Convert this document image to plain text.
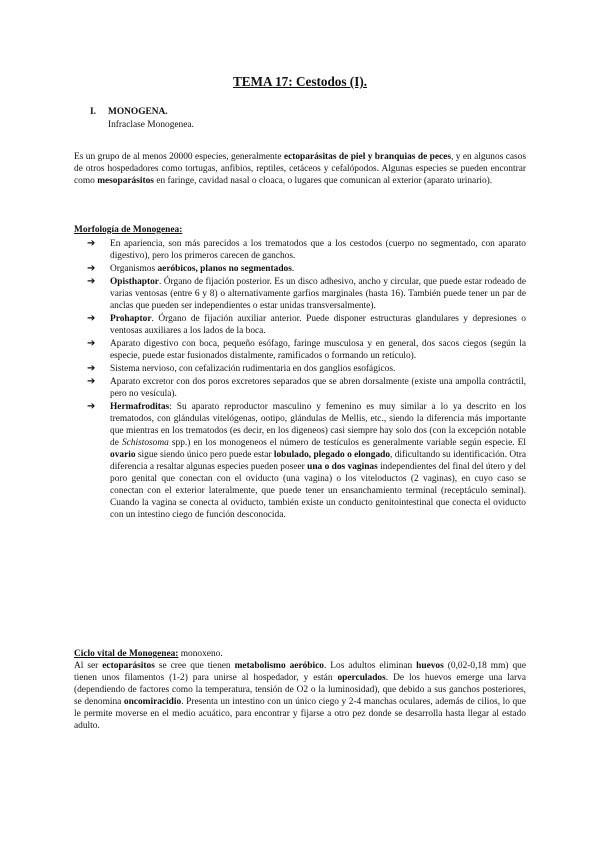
TEMA 17: Cestodos (I).
I. MONOGENA.
Infraclase Monogenea.
Es un grupo de al menos 20000 especies, generalmente ectoparásitas de piel y branquias de peces, y en algunos casos de otros hospedadores como tortugas, anfibios, reptiles, cetáceos y cefalópodos. Algunas especies se pueden encontrar como mesoparásitos en faringe, cavidad nasal o cloaca, o lugares que comunican al exterior (aparato urinario).
Morfología de Monogenea:
➔ En apariencia, son más parecidos a los trematodos que a los cestodos (cuerpo no segmentado, con aparato digestivo), pero los primeros carecen de ganchos.
➔ Organismos aeróbicos, planos no segmentados.
➔ Opisthaptor. Órgano de fijación posterior. Es un disco adhesivo, ancho y circular, que puede estar rodeado de varias ventosas (entre 6 y 8) o alternativamente garfios marginales (hasta 16). También puede tener un par de anclas que pueden ser independientes o estar unidas transversalmente).
➔ Prohaptor. Órgano de fijación auxiliar anterior. Puede disponer estructuras glandulares y depresiones o ventosas auxiliares a los lados de la boca.
➔ Aparato digestivo con boca, pequeño esófago, faringe musculosa y en general, dos sacos ciegos (según la especie, puede estar fusionados distalmente, ramificados o formando un retículo).
➔ Sistema nervioso, con cefalización rudimentaria en dos ganglios esofágicos.
➔ Aparato excretor con dos poros excretores separados que se abren dorsalmente (existe una ampolla contráctil, pero no vesícula).
➔ Hermafroditas: Su aparato reproductor masculino y femenino es muy similar a lo ya descrito en los trematodos, con glándulas vitelógenas, ootipo, glándulas de Mellis, etc., siendo la diferencia más importante que mientras en los trematodos (es decir, en los digeneos) casi siempre hay solo dos (con la excepción notable de Schistosoma spp.) en los monogeneos el número de testículos es generalmente variable según especie. El ovario sigue siendo único pero puede estar lobulado, plegado o elongado, dificultando su identificación. Otra diferencia a resaltar algunas especies pueden poseer una o dos vaginas independientes del final del útero y del poro genital que conectan con el oviducto (una vagina) o los viteloductos (2 vaginas), en cuyo caso se conectan con el exterior lateralmente, que puede tener un ensanchamiento terminal (receptáculo seminal). Cuando la vagina se conecta al oviducto, también existe un conducto genitointestinal que conecta el oviducto con un intestino ciego de función desconocida.
Ciclo vital de Monogenea: monoxeno.
Al ser ectoparásitos se cree que tienen metabolismo aeróbico. Los adultos eliminan huevos (0,02-0,18 mm) que tienen unos filamentos (1-2) para unirse al hospedador, y están operculados. De los huevos emerge una larva (dependiendo de factores como la temperatura, tensión de O2 o la luminosidad), que debido a sus ganchos posteriores, se denomina oncomiracidio. Presenta un intestino con un único ciego y 2-4 manchas oculares, además de cilios, lo que le permite moverse en el medio acuático, para encontrar y fijarse a otro pez donde se desarrolla hasta llegar al estado adulto.
